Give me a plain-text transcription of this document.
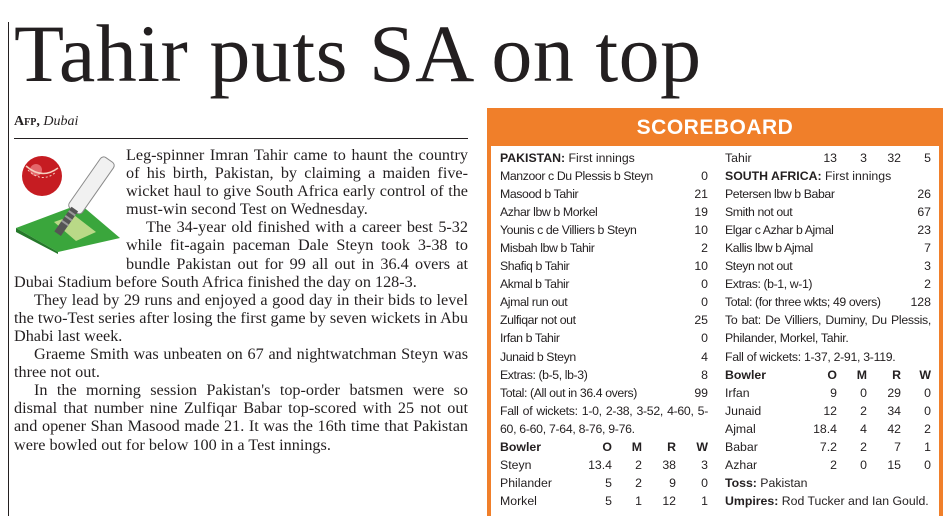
Tahir puts SA on top
Afp, Dubai

Leg-spinner Imran Tahir came to haunt the country of his birth, Pakistan, by claiming a maiden five-wicket haul to give South Africa early control of the must-win second Test on Wednesday.

The 34-year old finished with a career best 5-32 while fit-again paceman Dale Steyn took 3-38 to bundle Pakistan out for 99 all out in 36.4 overs at Dubai Stadium before South Africa finished the day on 128-3.

They lead by 29 runs and enjoyed a good day in their bids to level the two-Test series after losing the first game by seven wickets in Abu Dhabi last week.

Graeme Smith was unbeaten on 67 and nightwatchman Steyn was three not out.

In the morning session Pakistan's top-order batsmen were so dismal that number nine Zulfiqar Babar top-scored with 25 not out and opener Shan Masood made 21. It was the 16th time that Pakistan were bowled out for below 100 in a Test innings.

SCOREBOARD
PAKISTAN: First innings
Manzoor c Du Plessis b Steyn	0
Masood b Tahir	21
Azhar lbw b Morkel	19
Younis c de Villiers b Steyn	10
Misbah lbw b Tahir	2
Shafiq b Tahir	10
Akmal b Tahir	0
Ajmal run out	0
Zulfiqar not out	25
Irfan b Tahir	0
Junaid b Steyn	4
Extras: (b-5, lb-3)	8
Total: (All out in 36.4 overs)	99
Fall of wickets: 1-0, 2-38, 3-52, 4-60, 5-60, 6-60, 7-64, 8-76, 9-76.
Bowler	O	M	R	W
Steyn	13.4	2	38	3
Philander	5	2	9	0
Morkel	5	1	12	1
Tahir	13	3	32	5
SOUTH AFRICA: First innings
Petersen lbw b Babar	26
Smith not out	67
Elgar c Azhar b Ajmal	23
Kallis lbw b Ajmal	7
Steyn not out	3
Extras: (b-1, w-1)	2
Total: (for three wkts; 49 overs) 128
To bat: De Villiers, Duminy, Du Plessis, Philander, Morkel, Tahir.
Fall of wickets: 1-37, 2-91, 3-119.
Bowler	O	M	R	W
Irfan	9	0	29	0
Junaid	12	2	34	0
Ajmal	18.4	4	42	2
Babar	7.2	2	7	1
Azhar	2	0	15	0
Toss: Pakistan
Umpires: Rod Tucker and Ian Gould.
